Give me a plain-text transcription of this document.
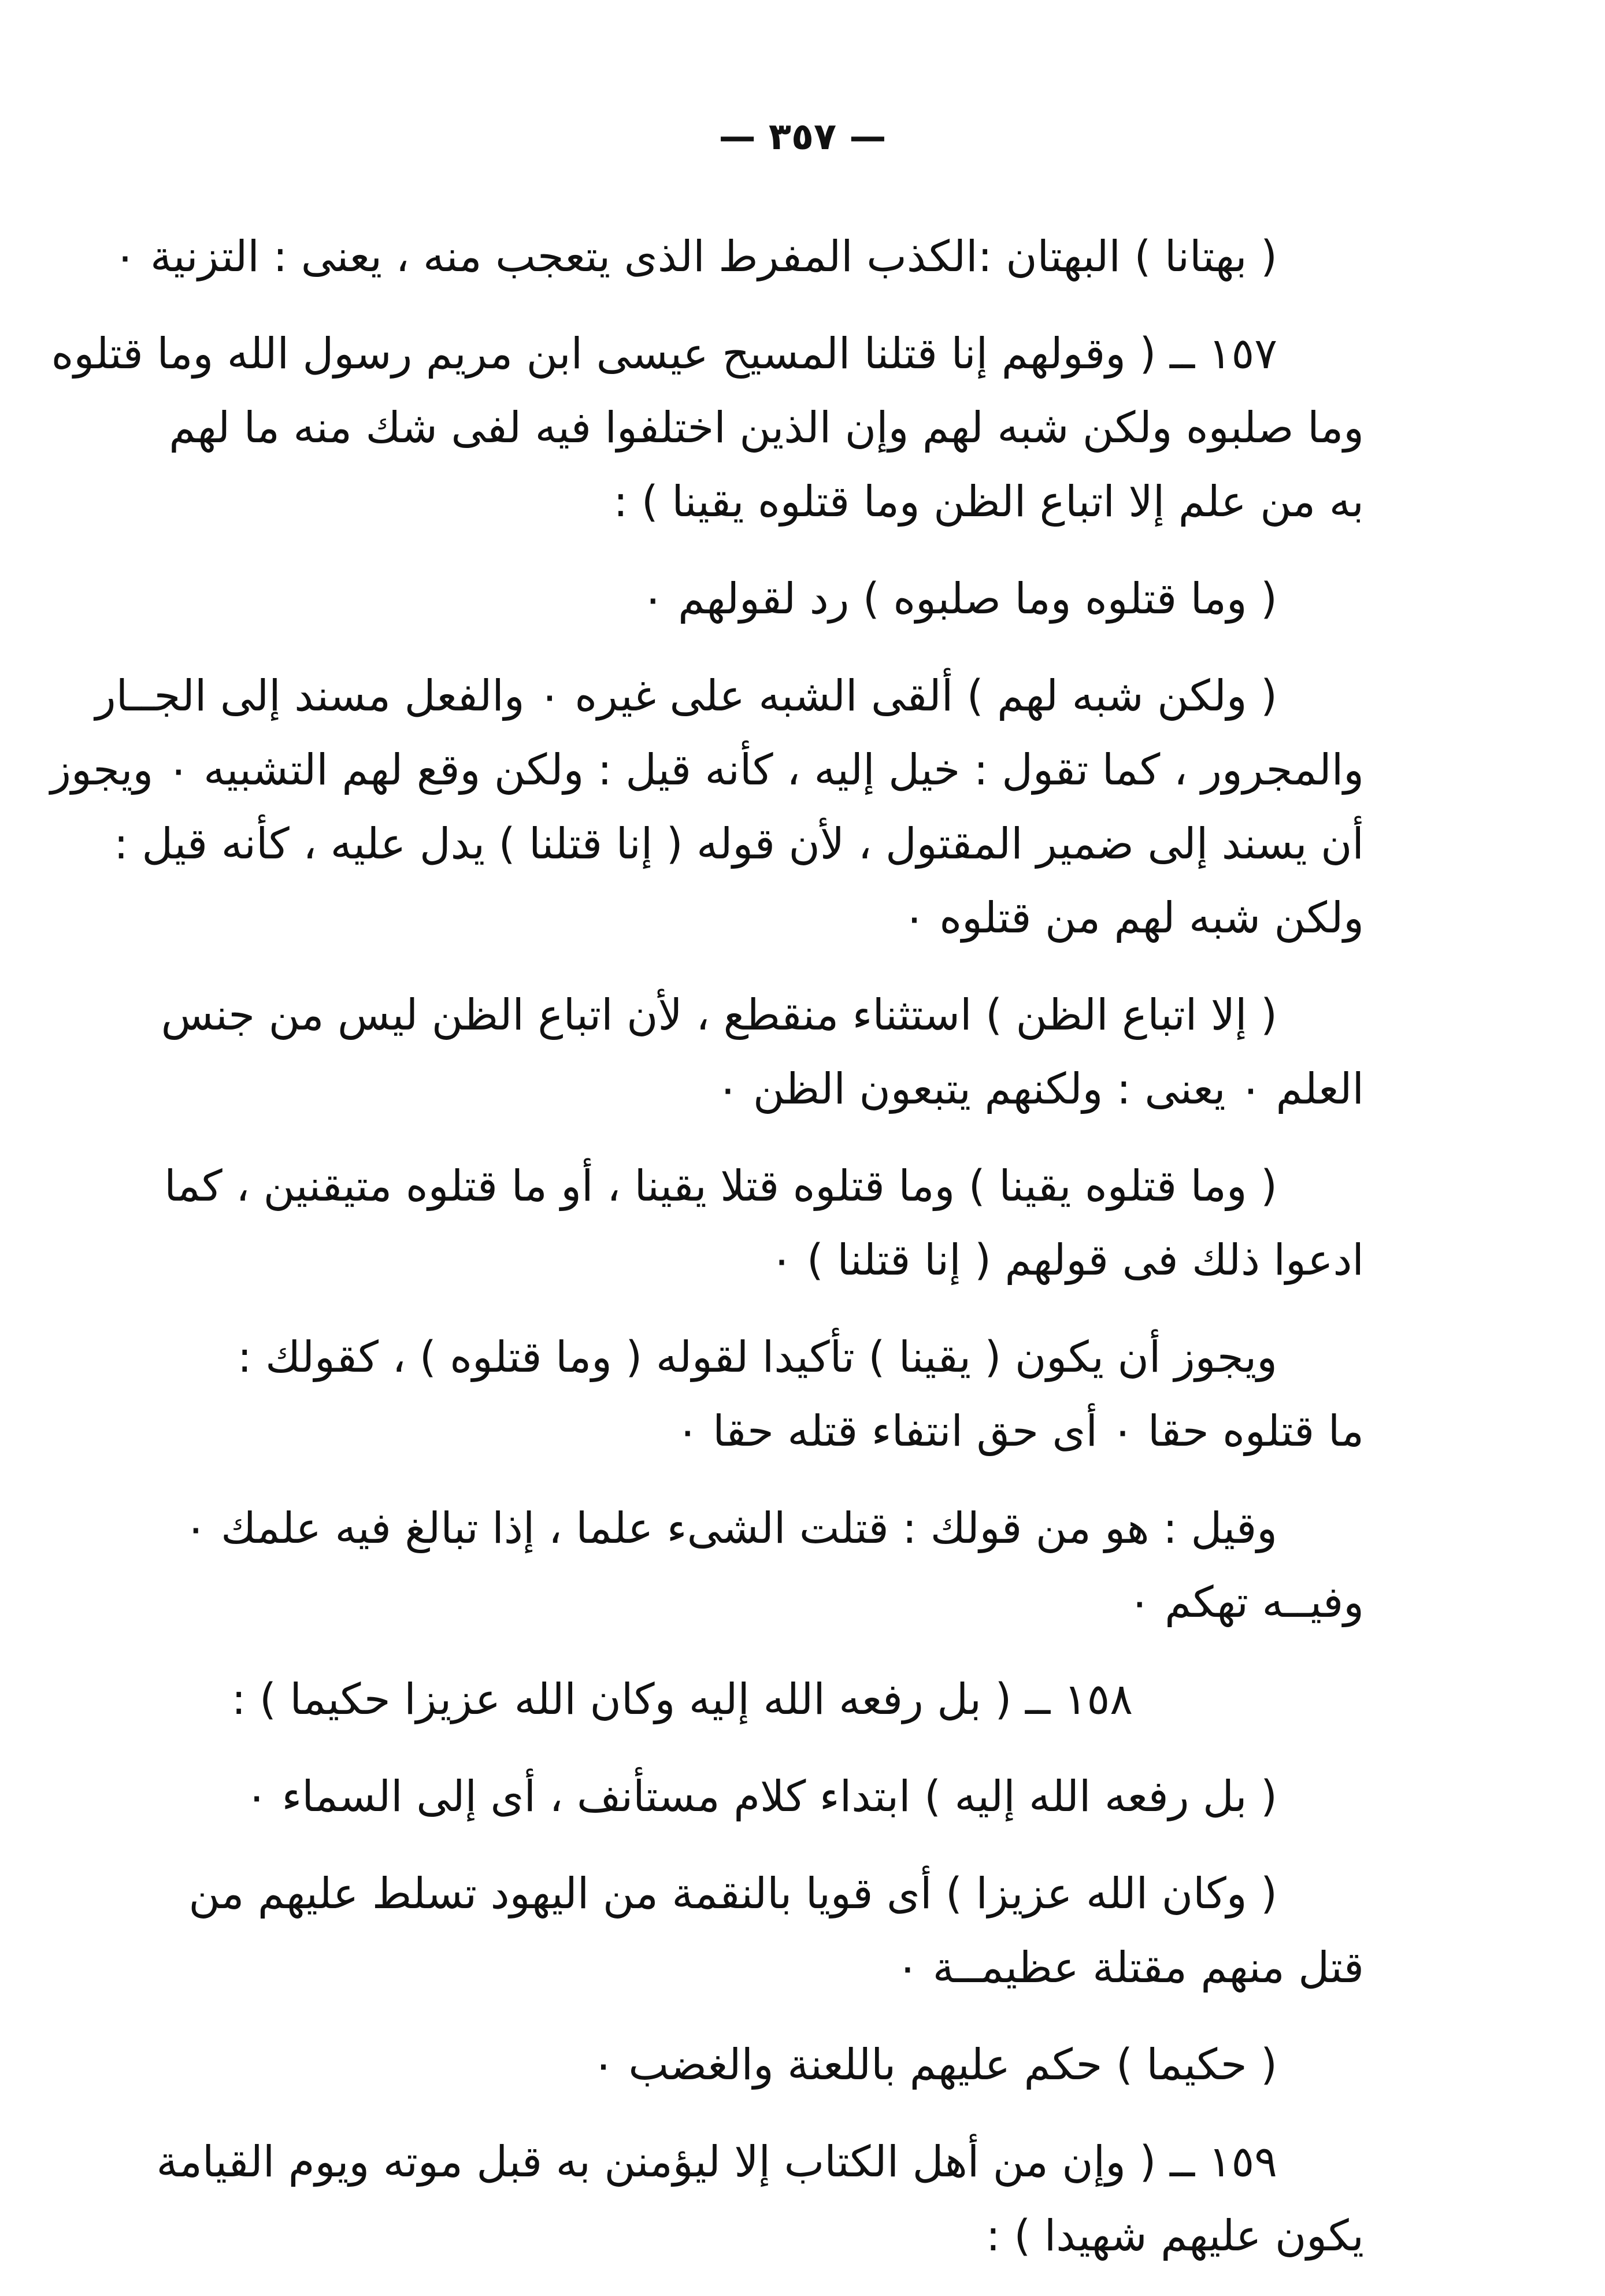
— ٣٥٧ —

( بهتانا ) البهتان :الكذب المفرط الذى يتعجب منه ، يعنى : التزنية ٠

١٥٧ ــ ( وقولهم إنا قتلنا المسيح عيسى ابن مريم رسول الله وما قتلوه
وما صلبوه ولكن شبه لهم وإن الذين اختلفوا فيه لفى شك منه ما لهم
به من علم إلا اتباع الظن وما قتلوه يقينا ) :

( وما قتلوه وما صلبوه ) رد لقولهم ٠

( ولكن شبه لهم ) ألقى الشبه على غيره ٠ والفعل مسند إلى الجــار
والمجرور ، كما تقول : خيل إليه ، كأنه قيل : ولكن وقع لهم التشبيه ٠ ويجوز
أن يسند إلى ضمير المقتول ، لأن قوله ( إنا قتلنا ) يدل عليه ، كأنه قيل :
ولكن شبه لهم من قتلوه ٠

( إلا اتباع الظن ) استثناء منقطع ، لأن اتباع الظن ليس من جنس
العلم ٠ يعنى : ولكنهم يتبعون الظن ٠

( وما قتلوه يقينا ) وما قتلوه قتلا يقينا ، أو ما قتلوه متيقنين ، كما
ادعوا ذلك فى قولهم ( إنا قتلنا ) ٠

ويجوز أن يكون ( يقينا ) تأكيدا لقوله ( وما قتلوه ) ، كقولك :
ما قتلوه حقا ٠ أى حق انتفاء قتله حقا ٠

وقيل : هو من قولك : قتلت الشىء علما ، إذا تبالغ فيه علمك ٠
وفيــه تهكم ٠

١٥٨ ــ ( بل رفعه الله إليه وكان الله عزيزا حكيما ) :

( بل رفعه الله إليه ) ابتداء كلام مستأنف ، أى إلى السماء ٠

( وكان الله عزيزا ) أى قويا بالنقمة من اليهود تسلط عليهم من
قتل منهم مقتلة عظيمــة ٠

( حكيما ) حكم عليهم باللعنة والغضب ٠

١٥٩ ــ ( وإن من أهل الكتاب إلا ليؤمنن به قبل موته ويوم القيامة
يكون عليهم شهيدا ) :
